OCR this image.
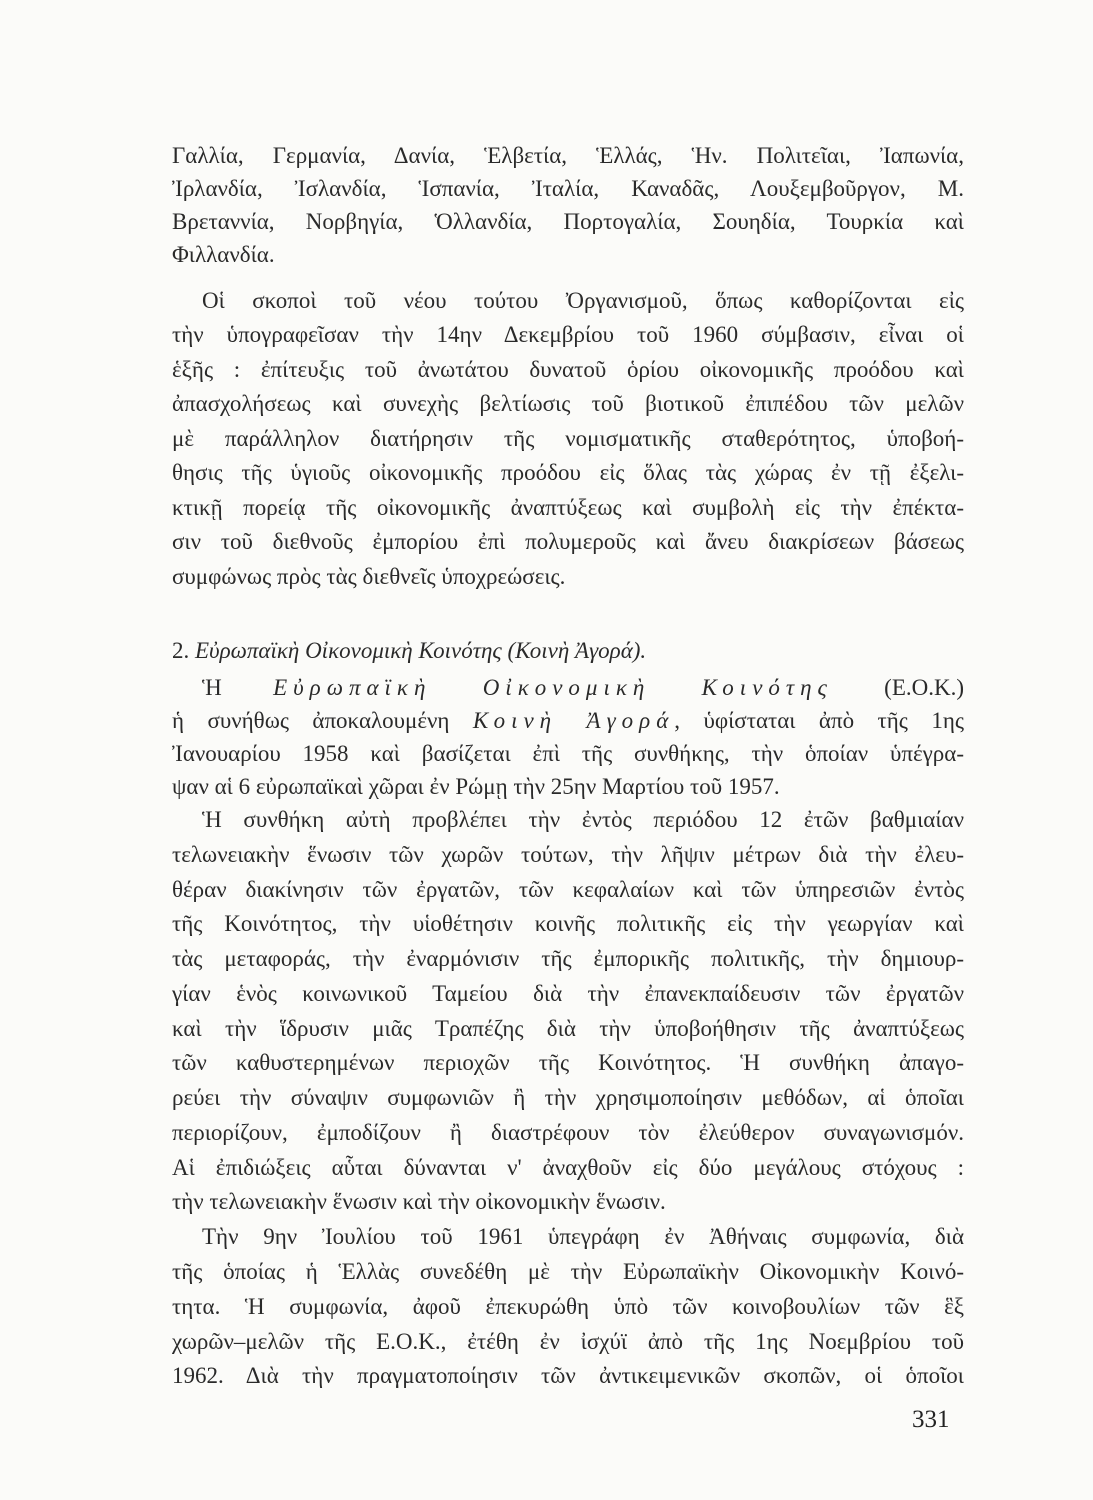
Γαλλία, Γερμανία, Δανία, Ἑλβετία, Ἑλλάς, Ἡν. Πολιτεῖαι, Ἰαπωνία,
Ἰρλανδία, Ἰσλανδία, Ἱσπανία, Ἰταλία, Καναδᾶς, Λουξεμβοῦργον, Μ.
Βρεταννία, Νορβηγία, Ὁλλανδία, Πορτογαλία, Σουηδία, Τουρκία καὶ
Φιλλανδία.
Οἱ σκοποὶ τοῦ νέου τούτου Ὀργανισμοῦ, ὅπως καθορίζονται εἰς
τὴν ὑπογραφεῖσαν τὴν 14ην Δεκεμβρίου τοῦ 1960 σύμβασιν, εἶναι οἱ
ἑξῆς : ἐπίτευξις τοῦ ἀνωτάτου δυνατοῦ ὁρίου οἰκονομικῆς προόδου καὶ
ἀπασχολήσεως καὶ συνεχὴς βελτίωσις τοῦ βιοτικοῦ ἐπιπέδου τῶν μελῶν
μὲ παράλληλον διατήρησιν τῆς νομισματικῆς σταθερότητος, ὑποβοή-
θησις τῆς ὑγιοῦς οἰκονομικῆς προόδου εἰς ὅλας τὰς χώρας ἐν τῇ ἐξελι-
κτικῇ πορείᾳ τῆς οἰκονομικῆς ἀναπτύξεως καὶ συμβολὴ εἰς τὴν ἐπέκτα-
σιν τοῦ διεθνοῦς ἐμπορίου ἐπὶ πολυμεροῦς καὶ ἄνευ διακρίσεων βάσεως
συμφώνως πρὸς τὰς διεθνεῖς ὑποχρεώσεις.
2. Εὐρωπαϊκὴ Οἰκονομικὴ Κοινότης (Κοινὴ Ἀγορά).
Ἡ Εὐρωπαϊκὴ Οἰκονομικὴ Κοινότης (Ε.Ο.Κ.)
ἡ συνήθως ἀποκαλουμένη Κοινὴ Ἀγορά, ὑφίσταται ἀπὸ τῆς 1ης
Ἰανουαρίου 1958 καὶ βασίζεται ἐπὶ τῆς συνθήκης, τὴν ὁποίαν ὑπέγρα-
ψαν αἱ 6 εὐρωπαϊκαὶ χῶραι ἐν Ρώμῃ τὴν 25ην Μαρτίου τοῦ 1957.
Ἡ συνθήκη αὐτὴ προβλέπει τὴν ἐντὸς περιόδου 12 ἐτῶν βαθμιαίαν
τελωνειακὴν ἕνωσιν τῶν χωρῶν τούτων, τὴν λῆψιν μέτρων διὰ τὴν ἐλευ-
θέραν διακίνησιν τῶν ἐργατῶν, τῶν κεφαλαίων καὶ τῶν ὑπηρεσιῶν ἐντὸς
τῆς Κοινότητος, τὴν υἱοθέτησιν κοινῆς πολιτικῆς εἰς τὴν γεωργίαν καὶ
τὰς μεταφοράς, τὴν ἐναρμόνισιν τῆς ἐμπορικῆς πολιτικῆς, τὴν δημιουρ-
γίαν ἑνὸς κοινωνικοῦ Ταμείου διὰ τὴν ἐπανεκπαίδευσιν τῶν ἐργατῶν
καὶ τὴν ἵδρυσιν μιᾶς Τραπέζης διὰ τὴν ὑποβοήθησιν τῆς ἀναπτύξεως
τῶν καθυστερημένων περιοχῶν τῆς Κοινότητος. Ἡ συνθήκη ἀπαγο-
ρεύει τὴν σύναψιν συμφωνιῶν ἢ τὴν χρησιμοποίησιν μεθόδων, αἱ ὁποῖαι
περιορίζουν, ἐμποδίζουν ἢ διαστρέφουν τὸν ἐλεύθερον συναγωνισμόν.
Αἱ ἐπιδιώξεις αὗται δύνανται ν' ἀναχθοῦν εἰς δύο μεγάλους στόχους :
τὴν τελωνειακὴν ἕνωσιν καὶ τὴν οἰκονομικὴν ἕνωσιν.
Τὴν 9ην Ἰουλίου τοῦ 1961 ὑπεγράφη ἐν Ἀθήναις συμφωνία, διὰ
τῆς ὁποίας ἡ Ἑλλὰς συνεδέθη μὲ τὴν Εὐρωπαϊκὴν Οἰκονομικὴν Κοινό-
τητα. Ἡ συμφωνία, ἀφοῦ ἐπεκυρώθη ὑπὸ τῶν κοινοβουλίων τῶν ἓξ
χωρῶν–μελῶν τῆς Ε.Ο.Κ., ἐτέθη ἐν ἰσχύϊ ἀπὸ τῆς 1ης Νοεμβρίου τοῦ
1962. Διὰ τὴν πραγματοποίησιν τῶν ἀντικειμενικῶν σκοπῶν, οἱ ὁποῖοι
331
